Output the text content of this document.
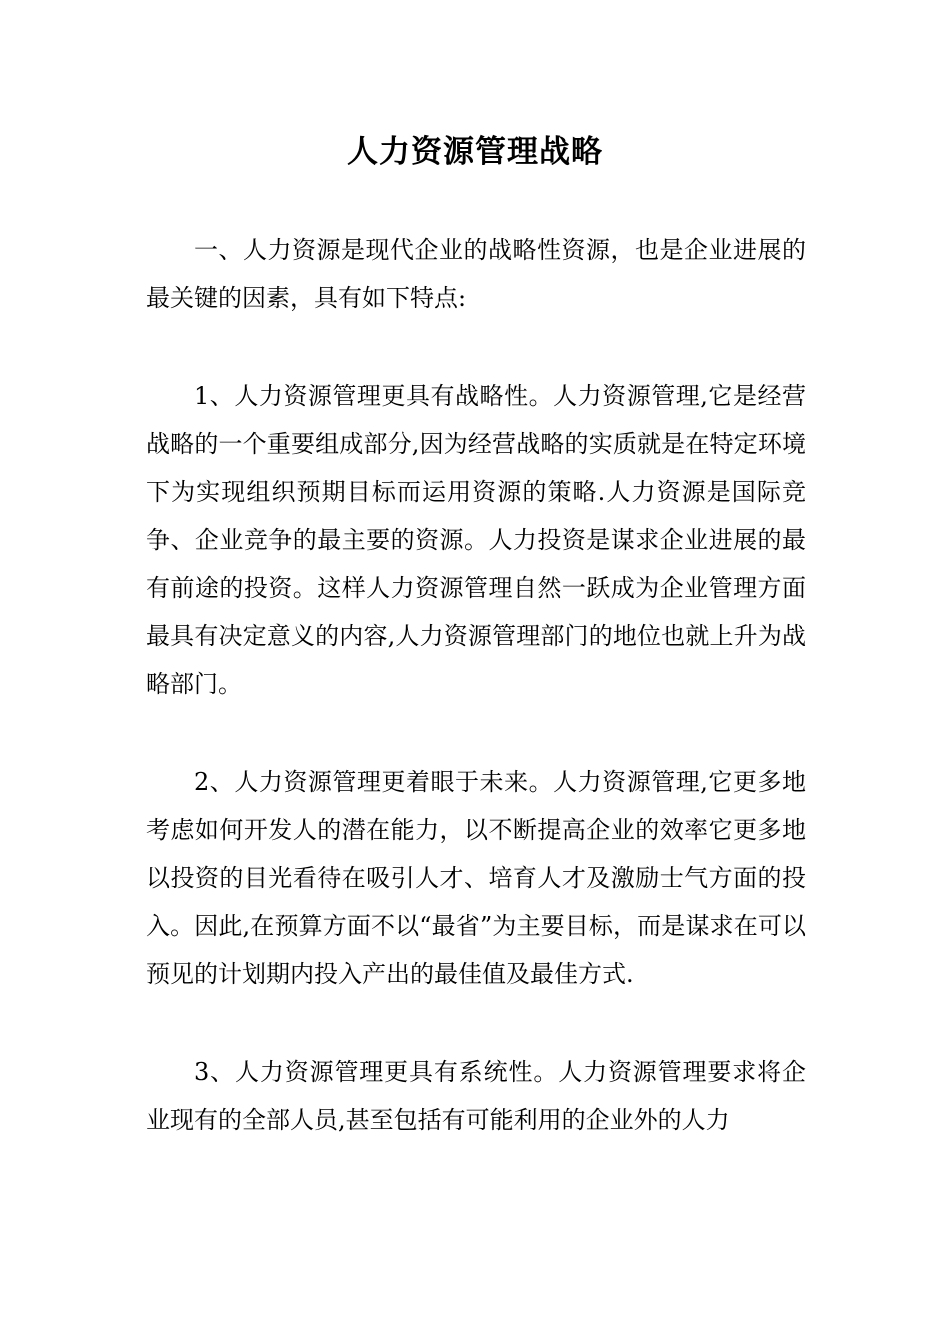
人力资源管理战略

一、人力资源是现代企业的战略性资源，也是企业进展的最关键的因素，具有如下特点:

1、人力资源管理更具有战略性。人力资源管理,它是经营战略的一个重要组成部分,因为经营战略的实质就是在特定环境下为实现组织预期目标而运用资源的策略.人力资源是国际竞争、企业竞争的最主要的资源。人力投资是谋求企业进展的最有前途的投资。这样人力资源管理自然一跃成为企业管理方面最具有决定意义的内容,人力资源管理部门的地位也就上升为战略部门。

2、人力资源管理更着眼于未来。人力资源管理,它更多地考虑如何开发人的潜在能力，以不断提高企业的效率它更多地以投资的目光看待在吸引人才、培育人才及激励士气方面的投入。因此,在预算方面不以“最省”为主要目标，而是谋求在可以预见的计划期内投入产出的最佳值及最佳方式.

3、人力资源管理更具有系统性。人力资源管理要求将企业现有的全部人员,甚至包括有可能利用的企业外的人力
